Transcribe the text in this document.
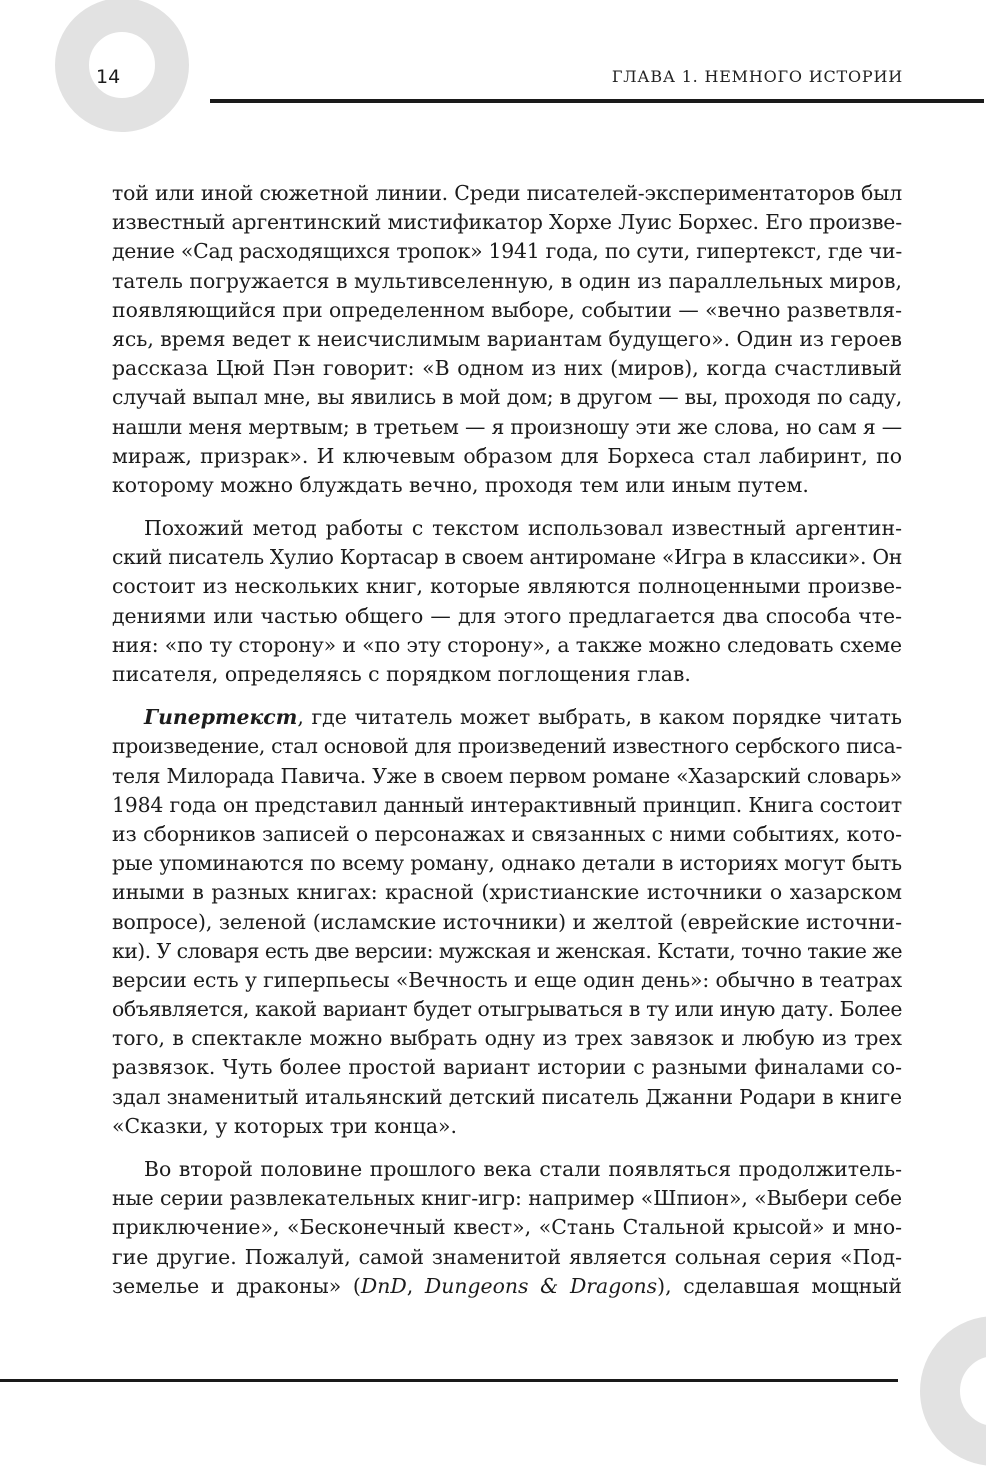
14	ГЛАВА 1. НЕМНОГО ИСТОРИИ
той или иной сюжетной линии. Среди писателей-экспериментаторов был
известный аргентинский мистификатор Хорхе Луис Борхес. Его произве-
дение «Сад расходящихся тропок» 1941 года, по сути, гипертекст, где чи-
татель погружается в мультивселенную, в один из параллельных миров,
появляющийся при определенном выборе, событии — «вечно разветвля-
ясь, время ведет к неисчислимым вариантам будущего». Один из героев
рассказа Цюй Пэн говорит: «В одном из них (миров), когда счастливый
случай выпал мне, вы явились в мой дом; в другом — вы, проходя по саду,
нашли меня мертвым; в третьем — я произношу эти же слова, но сам я —
мираж, призрак». И ключевым образом для Борхеса стал лабиринт, по
которому можно блуждать вечно, проходя тем или иным путем.
Похожий метод работы с текстом использовал известный аргентин-
ский писатель Хулио Кортасар в своем антиромане «Игра в классики». Он
состоит из нескольких книг, которые являются полноценными произве-
дениями или частью общего — для этого предлагается два способа чте-
ния: «по ту сторону» и «по эту сторону», а также можно следовать схеме
писателя, определяясь с порядком поглощения глав.
Гипертекст, где читатель может выбрать, в каком порядке читать
произведение, стал основой для произведений известного сербского писа-
теля Милорада Павича. Уже в своем первом романе «Хазарский словарь»
1984 года он представил данный интерактивный принцип. Книга состоит
из сборников записей о персонажах и связанных с ними событиях, кото-
рые упоминаются по всему роману, однако детали в историях могут быть
иными в разных книгах: красной (христианские источники о хазарском
вопросе), зеленой (исламские источники) и желтой (еврейские источни-
ки). У словаря есть две версии: мужская и женская. Кстати, точно такие же
версии есть у гиперпьесы «Вечность и еще один день»: обычно в театрах
объявляется, какой вариант будет отыгрываться в ту или иную дату. Более
того, в спектакле можно выбрать одну из трех завязок и любую из трех
развязок. Чуть более простой вариант истории с разными финалами со-
здал знаменитый итальянский детский писатель Джанни Родари в книге
«Сказки, у которых три конца».
Во второй половине прошлого века стали появляться продолжитель-
ные серии развлекательных книг-игр: например «Шпион», «Выбери себе
приключение», «Бесконечный квест», «Стань Стальной крысой» и мно-
гие другие. Пожалуй, самой знаменитой является сольная серия «Под-
земелье и драконы» (DnD, Dungeons & Dragons), сделавшая мощный
